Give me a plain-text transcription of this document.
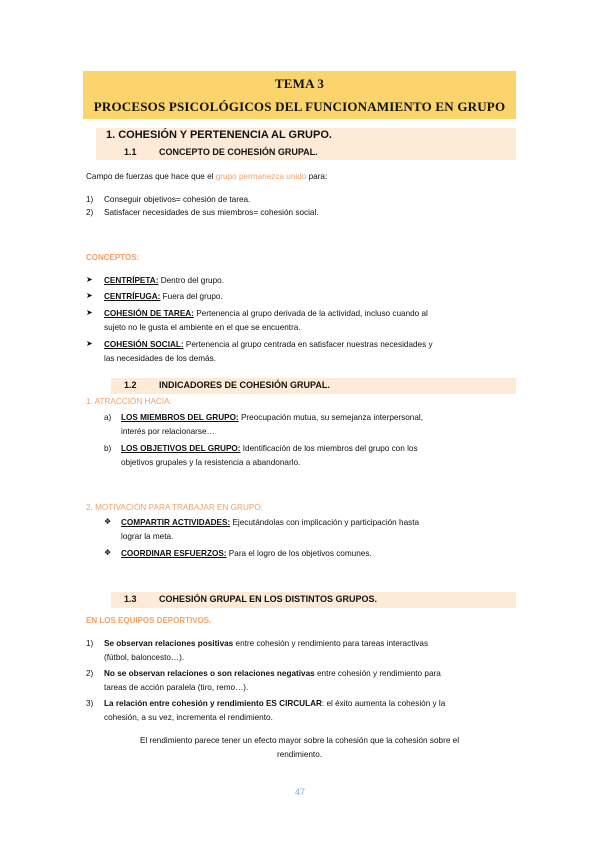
TEMA 3
PROCESOS PSICOLÓGICOS DEL FUNCIONAMIENTO EN GRUPO
1. COHESIÓN Y PERTENENCIA AL GRUPO.
1.1 CONCEPTO DE COHESIÓN GRUPAL.
Campo de fuerzas que hace que el grupo permanezca unido para:
1) Conseguir objetivos= cohesión de tarea.
2) Satisfacer necesidades de sus miembros= cohesión social.
CONCEPTOS:
➤ CENTRÍPETA: Dentro del grupo.
➤ CENTRÍFUGA: Fuera del grupo.
➤ COHESIÓN DE TAREA: Pertenencia al grupo derivada de la actividad, incluso cuando al
sujeto no le gusta el ambiente en el que se encuentra.
➤ COHESIÓN SOCIAL: Pertenencia al grupo centrada en satisfacer nuestras necesidades y
las necesidades de los demás.
1.2 INDICADORES DE COHESIÓN GRUPAL.
1. ATRACCIÓN HACIA:
a) LOS MIEMBROS DEL GRUPO: Preocupación mutua, su semejanza interpersonal,
interés por relacionarse…
b) LOS OBJETIVOS DEL GRUPO: Identificación de los miembros del grupo con los
objetivos grupales y la resistencia a abandonarlo.
2. MOTIVACIÓN PARA TRABAJAR EN GRUPO:
❖ COMPARTIR ACTIVIDADES: Ejecutándolas con implicación y participación hasta
lograr la meta.
❖ COORDINAR ESFUERZOS: Para el logro de los objetivos comunes.
1.3 COHESIÓN GRUPAL EN LOS DISTINTOS GRUPOS.
EN LOS EQUIPOS DEPORTIVOS.
1) Se observan relaciones positivas entre cohesión y rendimiento para tareas interactivas
(fútbol, baloncesto…).
2) No se observan relaciones o son relaciones negativas entre cohesión y rendimiento para
tareas de acción paralela (tiro, remo…).
3) La relación entre cohesión y rendimiento ES CIRCULAR: el éxito aumenta la cohesión y la
cohesión, a su vez, incrementa el rendimiento.
El rendimiento parece tener un efecto mayor sobre la cohesión que la cohesión sobre el
rendimiento.
47
